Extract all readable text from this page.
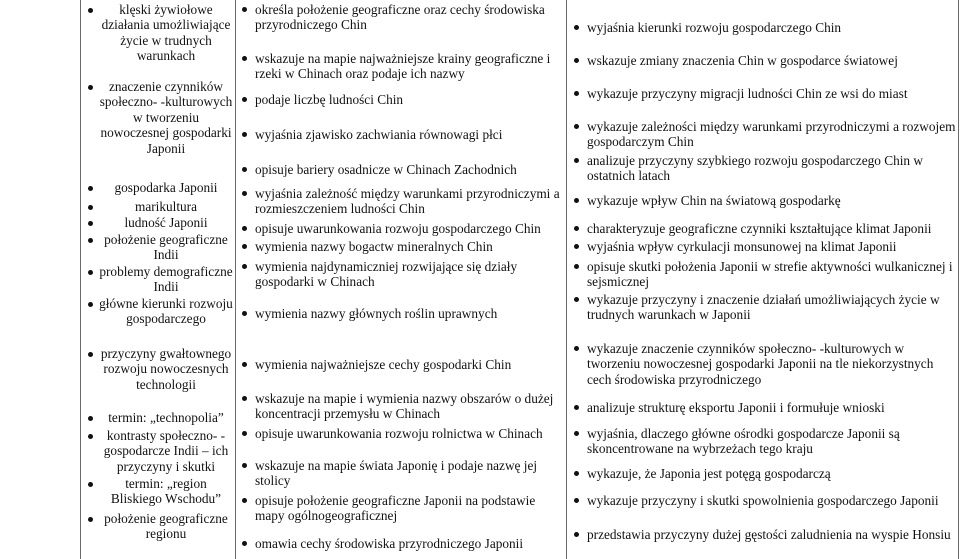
klęski żywiołowe działania umożliwiające życie w trudnych warunkach
znaczenie czynników społeczno- -kulturowych w tworzeniu nowoczesnej gospodarki Japonii
gospodarka Japonii
marikultura
ludność Japonii
położenie geograficzne Indii
problemy demograficzne Indii
główne kierunki rozwoju gospodarczego
przyczyny gwałtownego rozwoju nowoczesnych technologii
termin: „technopolia”
kontrasty społeczno- -gospodarcze Indii – ich przyczyny i skutki
termin: „region Bliskiego Wschodu”
położenie geograficzne regionu
określa położenie geograficzne oraz cechy środowiska przyrodniczego Chin
wskazuje na mapie najważniejsze krainy geograficzne i rzeki w Chinach oraz podaje ich nazwy
podaje liczbę ludności Chin
wyjaśnia zjawisko zachwiania równowagi płci
opisuje bariery osadnicze w Chinach Zachodnich
wyjaśnia zależność między warunkami przyrodniczymi a rozmieszczeniem ludności Chin
opisuje uwarunkowania rozwoju gospodarczego Chin
wymienia nazwy bogactw mineralnych Chin
wymienia najdynamiczniej rozwijające się działy gospodarki w Chinach
wymienia nazwy głównych roślin uprawnych
wymienia najważniejsze cechy gospodarki Chin
wskazuje na mapie i wymienia nazwy obszarów o dużej koncentracji przemysłu w Chinach
opisuje uwarunkowania rozwoju rolnictwa w Chinach
wskazuje na mapie świata Japonię i podaje nazwę jej stolicy
opisuje położenie geograficzne Japonii na podstawie mapy ogólnogeograficznej
omawia cechy środowiska przyrodniczego Japonii
wyjaśnia kierunki rozwoju gospodarczego Chin
wskazuje zmiany znaczenia Chin w gospodarce światowej
wykazuje przyczyny migracji ludności Chin ze wsi do miast
wykazuje zależności między warunkami przyrodniczymi a rozwojem gospodarczym Chin
analizuje przyczyny szybkiego rozwoju gospodarczego Chin w ostatnich latach
wykazuje wpływ Chin na światową gospodarkę
charakteryzuje geograficzne czynniki kształtujące klimat Japonii
wyjaśnia wpływ cyrkulacji monsunowej na klimat Japonii
opisuje skutki położenia Japonii w strefie aktywności wulkanicznej i sejsmicznej
wykazuje przyczyny i znaczenie działań umożliwiających życie w trudnych warunkach w Japonii
wykazuje znaczenie czynników społeczno- -kulturowych w tworzeniu nowoczesnej gospodarki Japonii na tle niekorzystnych cech środowiska przyrodniczego
analizuje strukturę eksportu Japonii i formułuje wnioski
wyjaśnia, dlaczego główne ośrodki gospodarcze Japonii są skoncentrowane na wybrzeżach tego kraju
wykazuje, że Japonia jest potęgą gospodarczą
wykazuje przyczyny i skutki spowolnienia gospodarczego Japonii
przedstawia przyczyny dużej gęstości zaludnienia na wyspie Honsiu
